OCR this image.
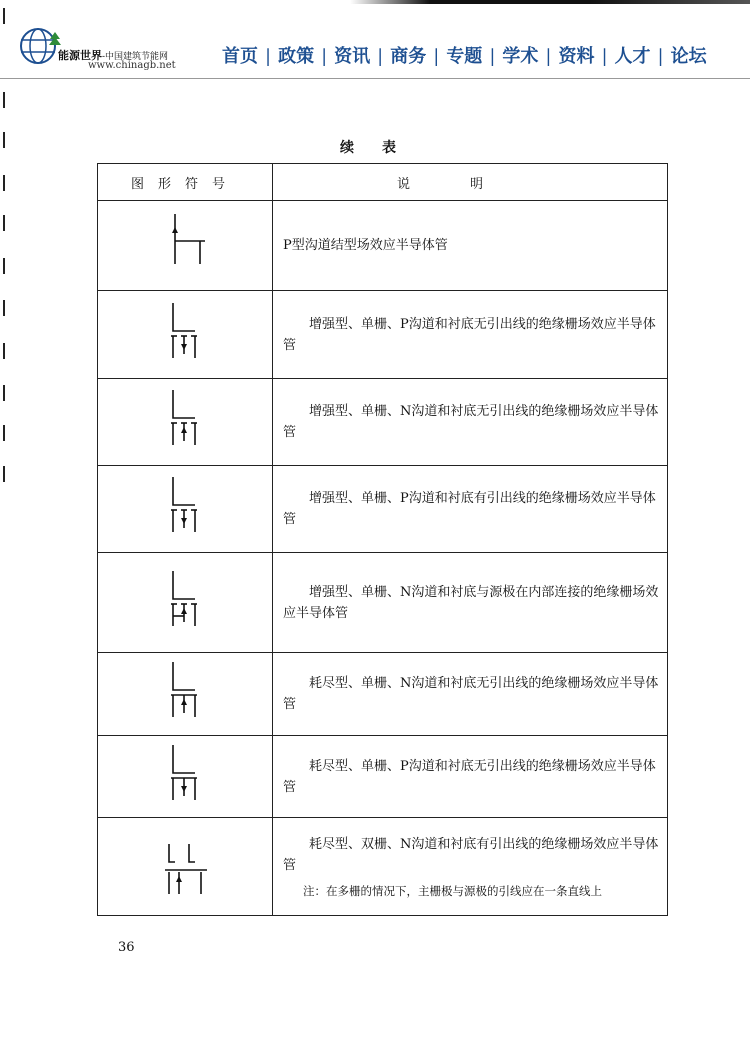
能源世界-中国建筑节能网
www.chinagb.net	首页 | 政策 | 资讯 | 商务 | 专题 | 学术 | 资料 | 人才 | 论坛
续表
图形符号	说明

P型沟道结型场效应半导体管

增强型、单栅、P沟道和衬底无引出线的绝缘栅场效应半导体管

增强型、单栅、N沟道和衬底无引出线的绝缘栅场效应半导体管

增强型、单栅、P沟道和衬底有引出线的绝缘栅场效应半导体管

增强型、单栅、N沟道和衬底与源极在内部连接的绝缘栅场效应半导体管

耗尽型、单栅、N沟道和衬底无引出线的绝缘栅场效应半导体管

耗尽型、单栅、P沟道和衬底无引出线的绝缘栅场效应半导体管

耗尽型、双栅、N沟道和衬底有引出线的绝缘栅场效应半导体管
注：在多栅的情况下，主栅极与源极的引线应在一条直线上
36
